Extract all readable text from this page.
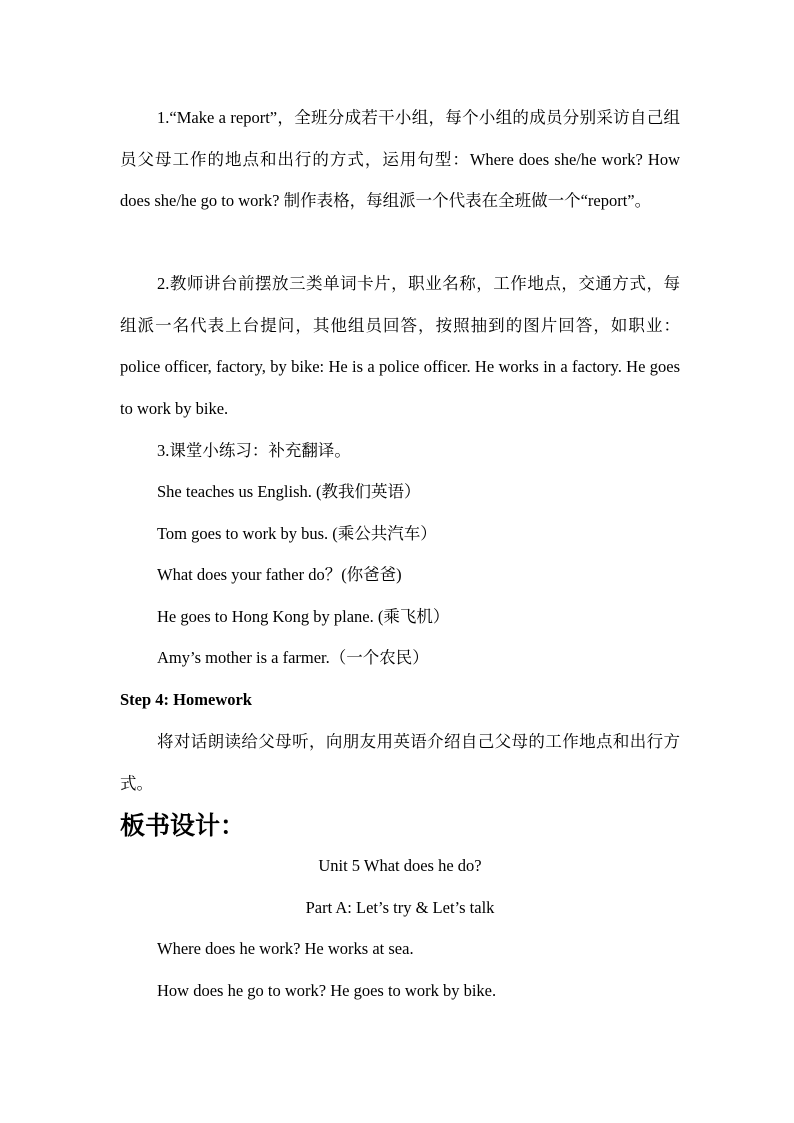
1.“Make a report”，全班分成若干小组，每个小组的成员分别采访自己组员父母工作的地点和出行的方式，运用句型：Where does she/he work? How does she/he go to work? 制作表格，每组派一个代表在全班做一个“report”。
2.教师讲台前摆放三类单词卡片，职业名称，工作地点，交通方式，每组派一名代表上台提问，其他组员回答，按照抽到的图片回答，如职业：police officer, factory, by bike: He is a police officer. He works in a factory. He goes to work by bike.
3.课堂小练习：补充翻译。
She teaches us English. (教我们英语）
Tom goes to work by bus. (乘公共汽车）
What does your father do？(你爸爸)
He goes to Hong Kong by plane. (乘飞机）
Amy’s mother is a farmer.（一个农民）
Step 4: Homework
将对话朗读给父母听，向朋友用英语介绍自己父母的工作地点和出行方式。
板书设计：
Unit 5 What does he do?
Part A: Let’s try & Let’s talk
Where does he work? He works at sea.
How does he go to work? He goes to work by bike.
